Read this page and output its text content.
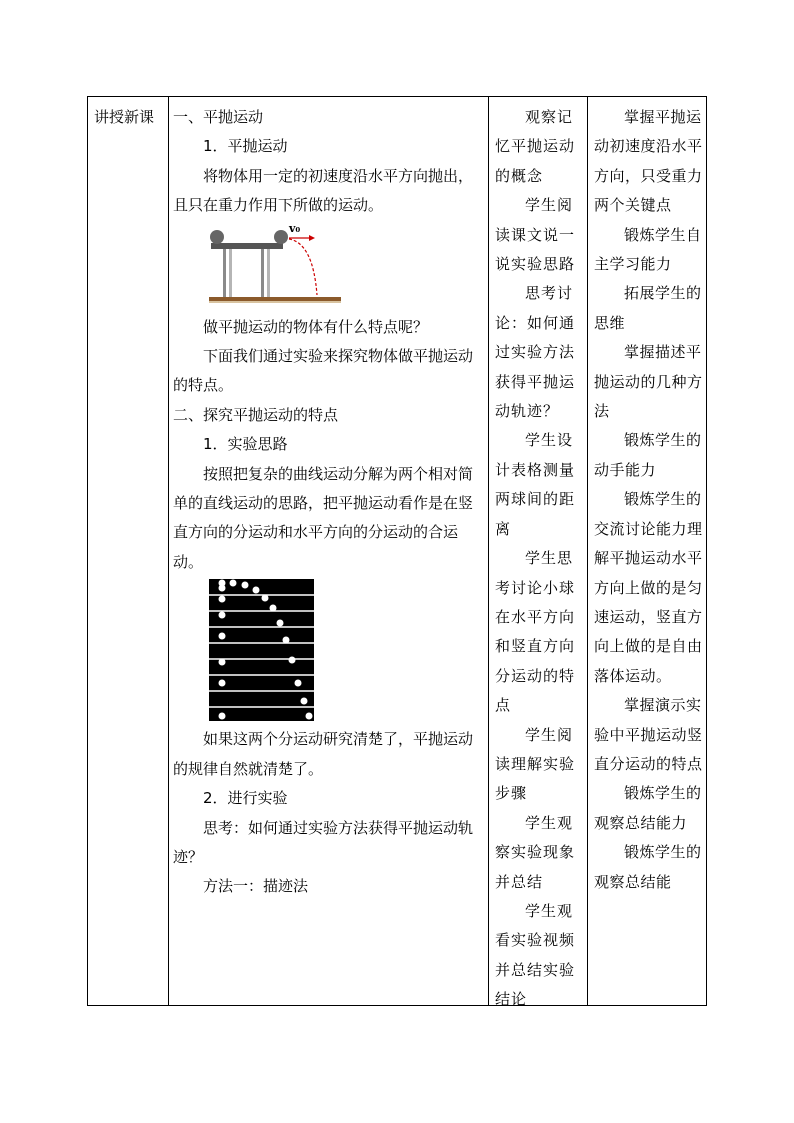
讲授新课	一、平抛运动

1．平抛运动

将物体用一定的初速度沿水平方向抛出，且只在重力作用下所做的运动。

v₀

做平抛运动的物体有什么特点呢？

下面我们通过实验来探究物体做平抛运动的特点。

二、探究平抛运动的特点

1．实验思路

按照把复杂的曲线运动分解为两个相对简单的直线运动的思路，把平抛运动看作是在竖直方向的分运动和水平方向的分运动的合运动。

如果这两个分运动研究清楚了，平抛运动的规律自然就清楚了。

2．进行实验

思考：如何通过实验方法获得平抛运动轨迹？

方法一：描迹法

观察记忆平抛运动的概念

学生阅读课文说一说实验思路

思考讨论：如何通过实验方法获得平抛运动轨迹？

学生设计表格测量两球间的距离

学生思考讨论小球在水平方向和竖直方向分运动的特点

学生阅读理解实验步骤

学生观察实验现象并总结

学生观看实验视频并总结实验结论

掌握平抛运动初速度沿水平方向，只受重力两个关键点

锻炼学生自主学习能力

拓展学生的思维

掌握描述平抛运动的几种方法

锻炼学生的动手能力

锻炼学生的交流讨论能力理解平抛运动水平方向上做的是匀速运动，竖直方向上做的是自由落体运动。

掌握演示实验中平抛运动竖直分运动的特点

锻炼学生的观察总结能力

锻炼学生的观察总结能
